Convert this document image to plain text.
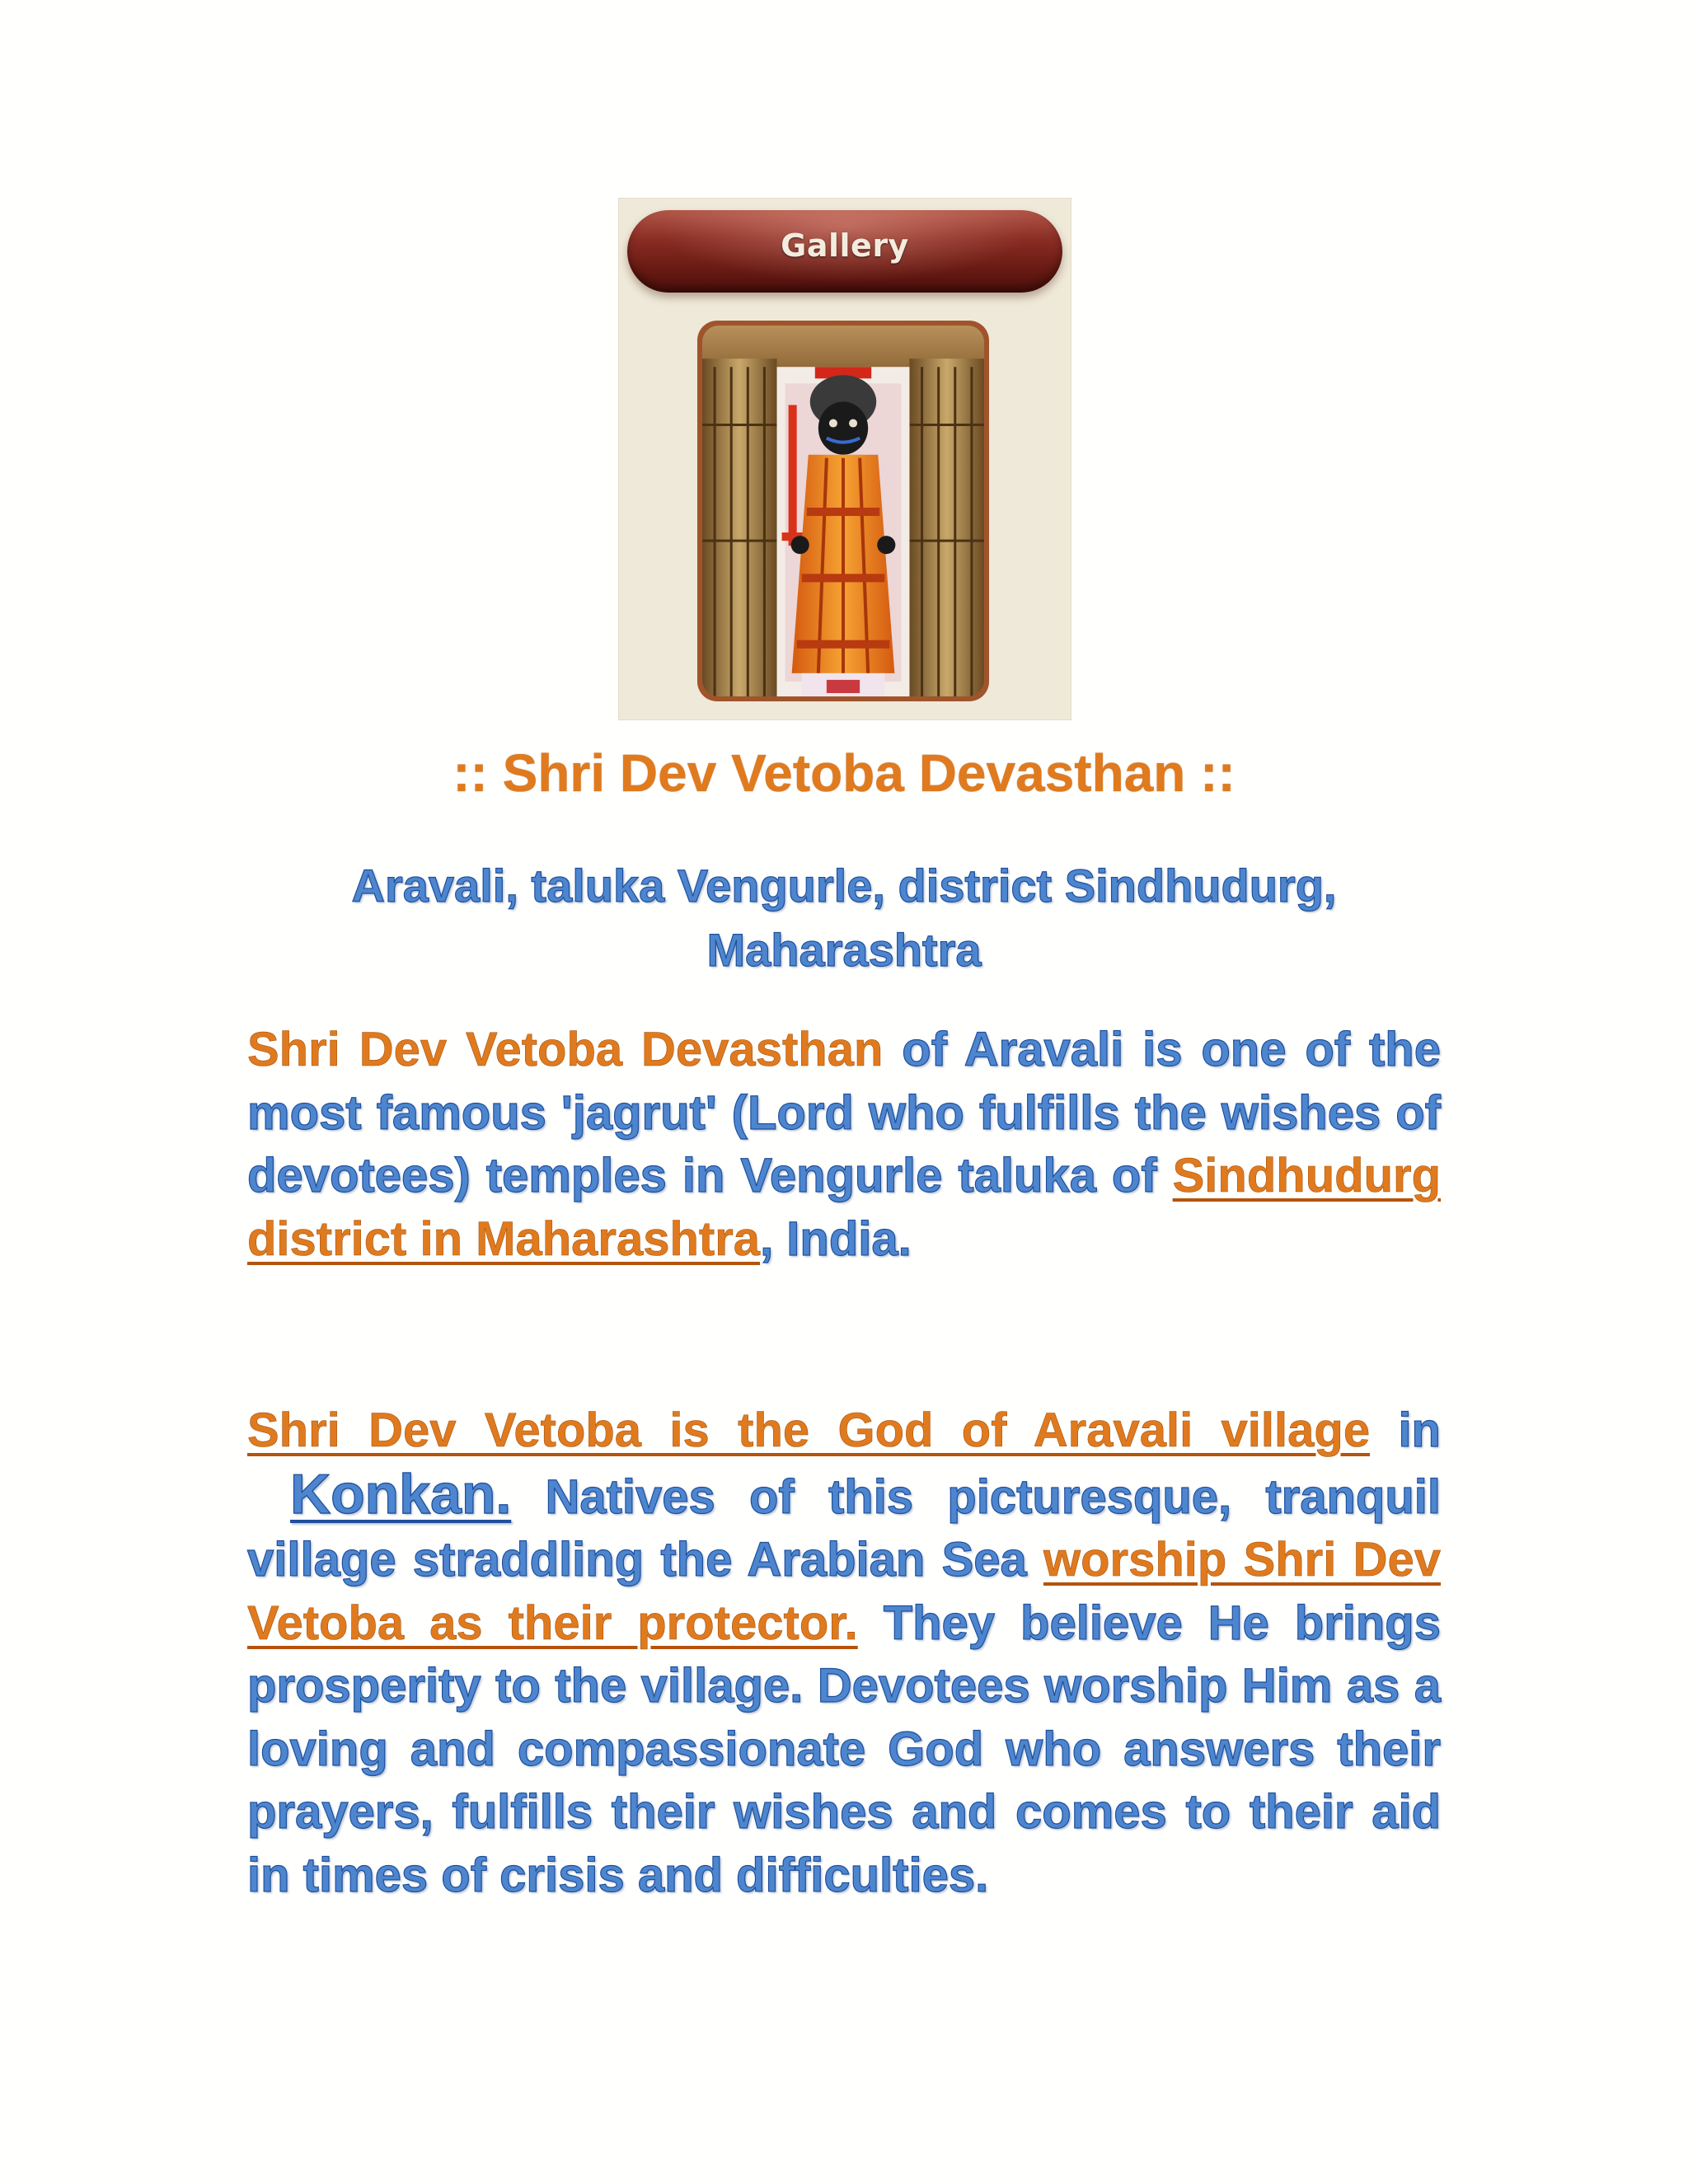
Gallery
:: Shri Dev Vetoba Devasthan ::
Aravali, taluka Vengurle, district Sindhudurg,
Maharashtra

Shri Dev Vetoba Devasthan of Aravali is one of the most famous 'jagrut' (Lord who fulfills the wishes of devotees) temples in Vengurle taluka of Sindhudurg district in Maharashtra, India.

Shri Dev Vetoba is the God of Aravali village in Konkan. Natives of this picturesque, tranquil village straddling the Arabian Sea worship Shri Dev Vetoba as their protector. They believe He brings prosperity to the village. Devotees worship Him as a loving and compassionate God who answers their prayers, fulfills their wishes and comes to their aid in times of crisis and difficulties.
